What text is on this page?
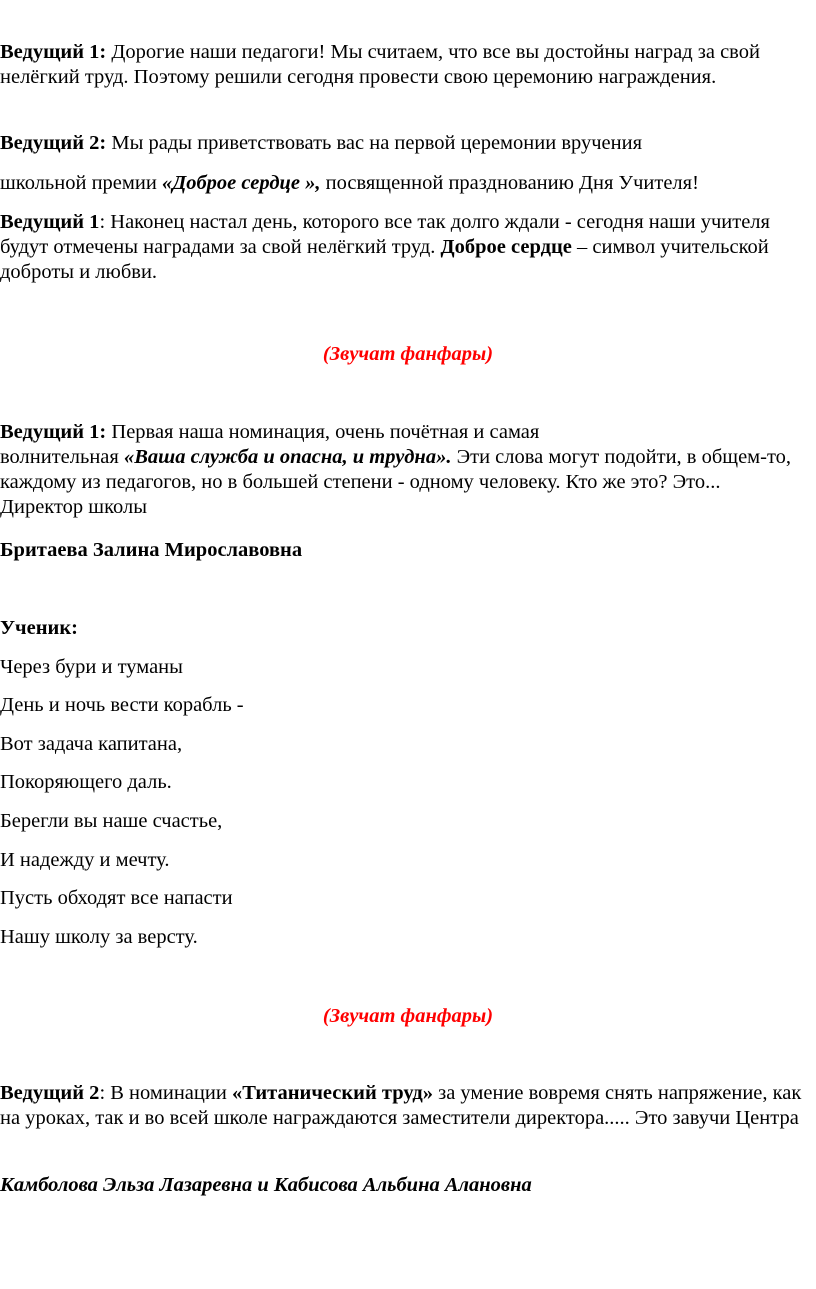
Ведущий 1: Дорогие наши педагоги! Мы считаем, что все вы достойны наград за свой нелёгкий труд. Поэтому решили сегодня провести свою церемонию награждения.

Ведущий 2: Мы рады приветствовать вас на первой церемонии вручения

школьной премии «Доброе сердце », посвященной празднованию Дня Учителя!

Ведущий 1: Наконец настал день, которого все так долго ждали - сегодня наши учителя будут отмечены наградами за свой нелёгкий труд. Доброе сердце – символ учительской доброты и любви.

(Звучат фанфары)

Ведущий 1: Первая наша номинация, очень почётная и самая

волнительная «Ваша служба и опасна, и трудна». Эти слова могут подойти, в общем-то, каждому из педагогов, но в большей степени - одному человеку. Кто же это? Это... Директор школы

Бритаева Залина Мирославовна

Ученик:

Через бури и туманы

День и ночь вести корабль -

Вот задача капитана,

Покоряющего даль.

Берегли вы наше счастье,

И надежду и мечту.

Пусть обходят все напасти

Нашу школу за версту.

(Звучат фанфары)

Ведущий 2: В номинации «Титанический труд» за умение вовремя снять напряжение, как на уроках, так и во всей школе награждаются заместители директора..... Это завучи Центра

Камболова Эльза Лазаревна и Кабисова Альбина Алановна
